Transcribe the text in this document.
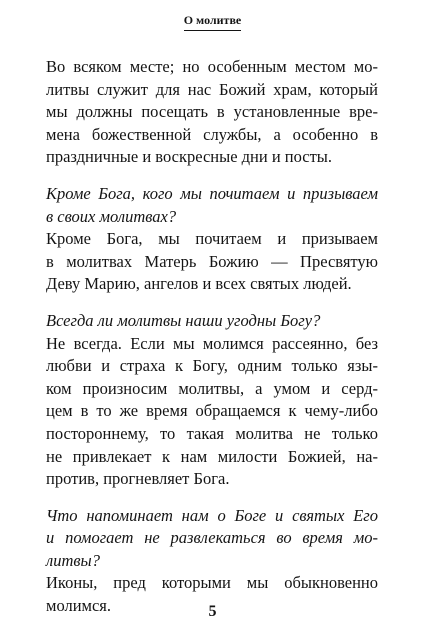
О молитве
Во всяком месте; но особенным местом мо-
литвы служит для нас Божий храм, который
мы должны посещать в установленные вре-
мена божественной службы, а особенно в
праздничные и воскресные дни и посты.
Кроме Бога, кого мы почитаем и призываем
в своих молитвах?
Кроме Бога, мы почитаем и призываем
в молитвах Матерь Божию — Пресвятую
Деву Марию, ангелов и всех святых людей.
Всегда ли молитвы наши угодны Богу?
Не всегда. Если мы молимся рассеянно, без
любви и страха к Богу, одним только язы-
ком произносим молитвы, а умом и серд-
цем в то же время обращаемся к чему-либо
постороннему, то такая молитва не только
не привлекает к нам милости Божией, на-
против, прогневляет Бога.
Что напоминает нам о Боге и святых Его
и помогает не развлекаться во время мо-
литвы?
Иконы, пред которыми мы обыкновенно
молимся.	5
